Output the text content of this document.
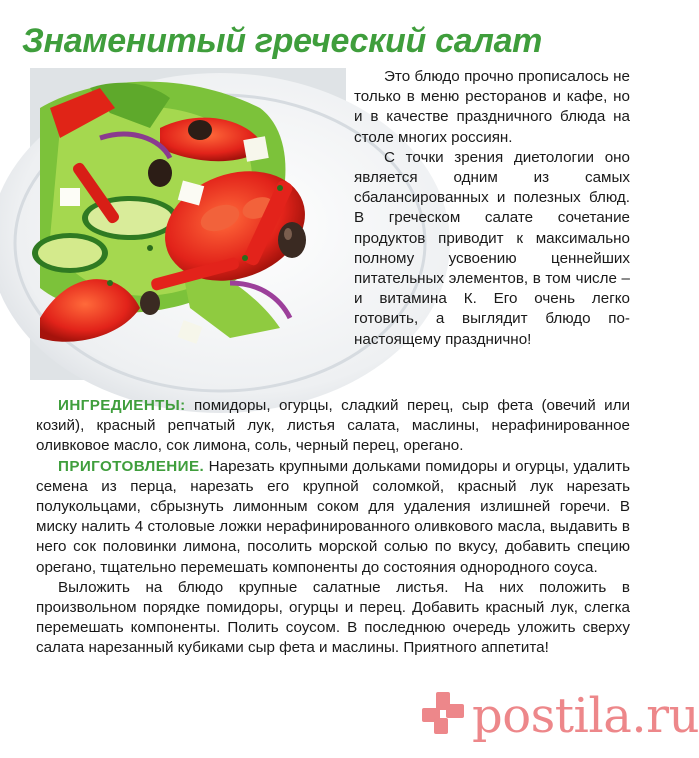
Знаменитый греческий салат

Это блюдо прочно прописалось не только в меню ресторанов и кафе, но и в качестве праздничного блюда на столе многих россиян.

С точки зрения диетологии оно является одним из самых сбалансированных и полезных блюд. В греческом салате сочетание продуктов приводит к максимально полному усвоению ценнейших питательных элементов, в том числе – и витамина К. Его очень легко готовить, а выглядит блюдо по-настоящему празднично!

ИНГРЕДИЕНТЫ: помидоры, огурцы, сладкий перец, сыр фета (овечий или козий), красный репчатый лук, листья салата, маслины, нерафинированное оливковое масло, сок лимона, соль, черный перец, орегано.

ПРИГОТОВЛЕНИЕ. Нарезать крупными дольками помидоры и огурцы, удалить семена из перца, нарезать его крупной соломкой, красный лук нарезать полукольцами, сбрызнуть лимонным соком для удаления излишней горечи. В миску налить 4 столовые ложки нерафинированного оливкового масла, выдавить в него сок половинки лимона, посолить морской солью по вкусу, добавить специю орегано, тщательно перемешать компоненты до состояния однородного соуса.

Выложить на блюдо крупные салатные листья. На них положить в произвольном порядке помидоры, огурцы и перец. Добавить красный лук, слегка перемешать компоненты. Полить соусом. В последнюю очередь уложить сверху салата нарезанный кубиками сыр фета и маслины. Приятного аппетита!

postila.ru
